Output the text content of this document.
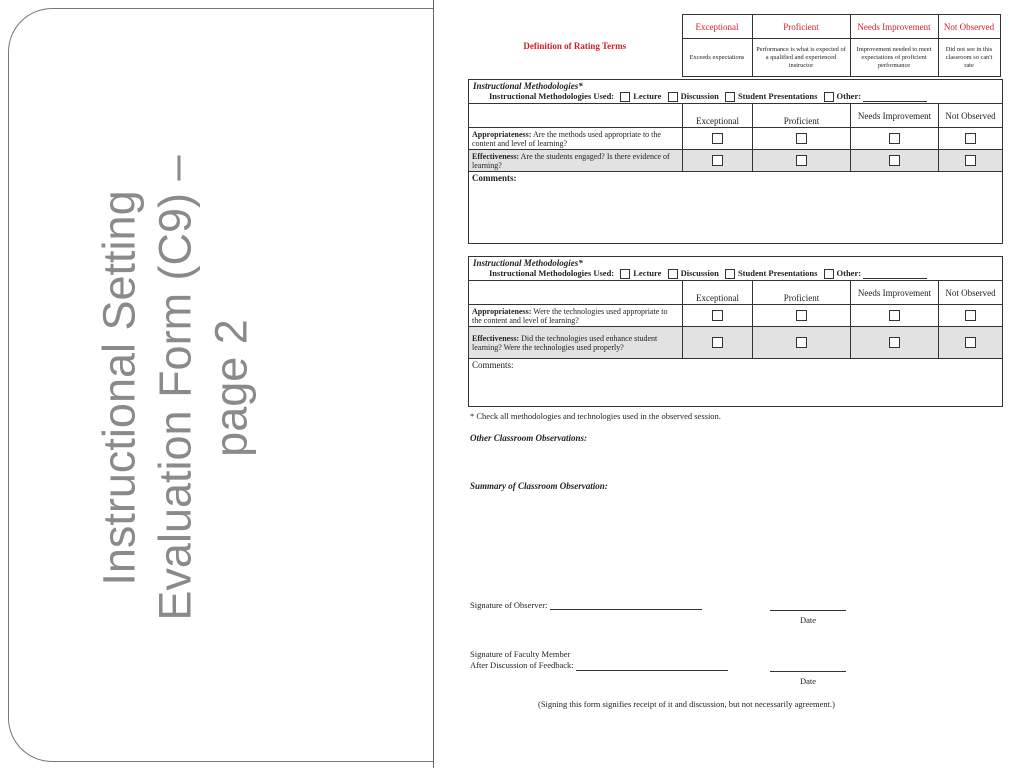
Instructional Setting Evaluation Form (C9) – page 2
Definition of Rating Terms	Exceptional	Proficient	Needs Improvement	Not Observed
	Exceeds expectations	Performance is what is expected of a qualified and experienced instructor	Improvement needed to meet expectations of proficient performance	Did not see in this classroom so can't rate
Instructional Methodologies*
Instructional Methodologies Used: Lecture Discussion Student Presentations Other:				

	Exceptional	Proficient	Needs Improvement	Not Observed
Appropriateness: Are the methods used appropriate to the content and level of learning?				
Effectiveness: Are the students engaged? Is there evidence of learning?				
Comments:				
Instructional Methodologies*
Instructional Methodologies Used: Lecture Discussion Student Presentations Other:				

	Exceptional	Proficient	Needs Improvement	Not Observed
Appropriateness: Were the technologies used appropriate to the content and level of learning?				
Effectiveness: Did the technologies used enhance student learning? Were the technologies used properly?				
Comments:				
* Check all methodologies and technologies used in the observed session.
Other Classroom Observations:
Summary of Classroom Observation:
Signature of Observer:
Date
Signature of Faculty Member
After Discussion of Feedback:
Date
(Signing this form signifies receipt of it and discussion, but not necessarily agreement.)
